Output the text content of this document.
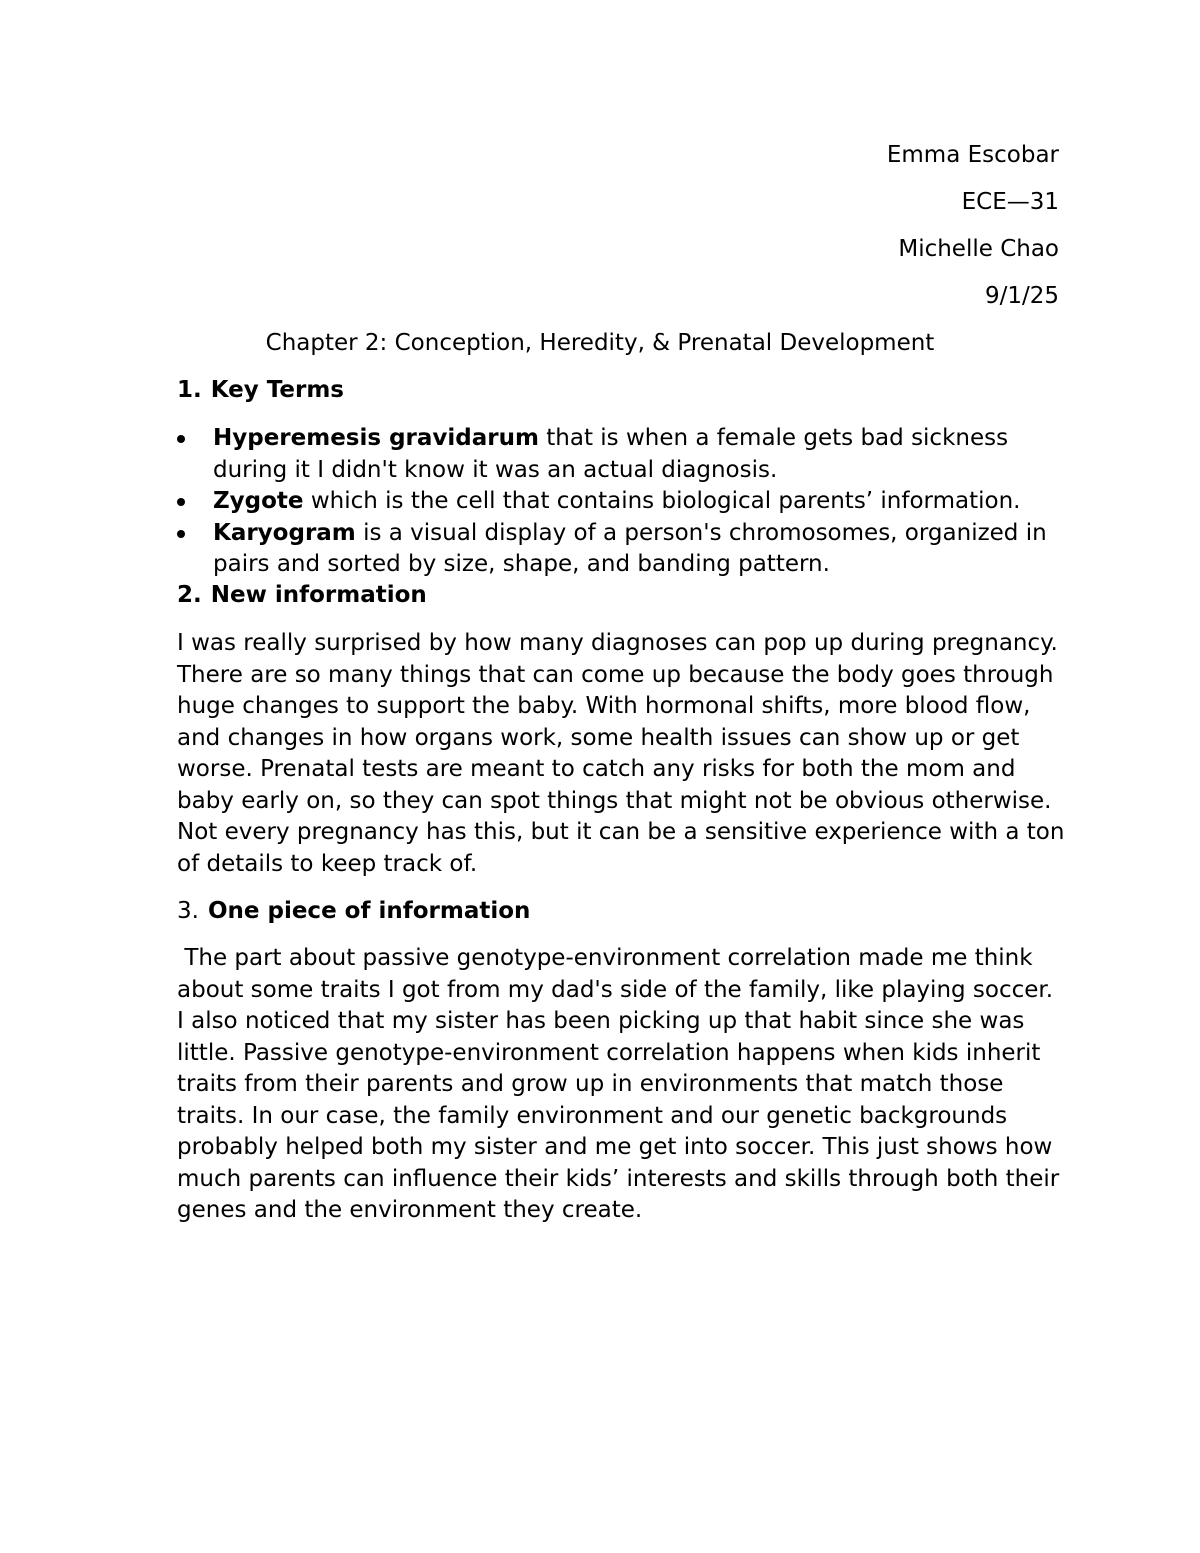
Emma Escobar
ECE—31
Michelle Chao
9/1/25
Chapter 2: Conception, Heredity, & Prenatal Development
1. Key Terms
Hyperemesis gravidarum that is when a female gets bad sickness during it I didn't know it was an actual diagnosis.
Zygote which is the cell that contains biological parents’ information.
Karyogram is a visual display of a person's chromosomes, organized in pairs and sorted by size, shape, and banding pattern.
2. New information

I was really surprised by how many diagnoses can pop up during pregnancy. There are so many things that can come up because the body goes through huge changes to support the baby. With hormonal shifts, more blood flow, and changes in how organs work, some health issues can show up or get worse. Prenatal tests are meant to catch any risks for both the mom and baby early on, so they can spot things that might not be obvious otherwise. Not every pregnancy has this, but it can be a sensitive experience with a ton of details to keep track of.

3. One piece of information

The part about passive genotype-environment correlation made me think about some traits I got from my dad's side of the family, like playing soccer. I also noticed that my sister has been picking up that habit since she was little. Passive genotype-environment correlation happens when kids inherit traits from their parents and grow up in environments that match those traits. In our case, the family environment and our genetic backgrounds probably helped both my sister and me get into soccer. This just shows how much parents can influence their kids’ interests and skills through both their genes and the environment they create.
